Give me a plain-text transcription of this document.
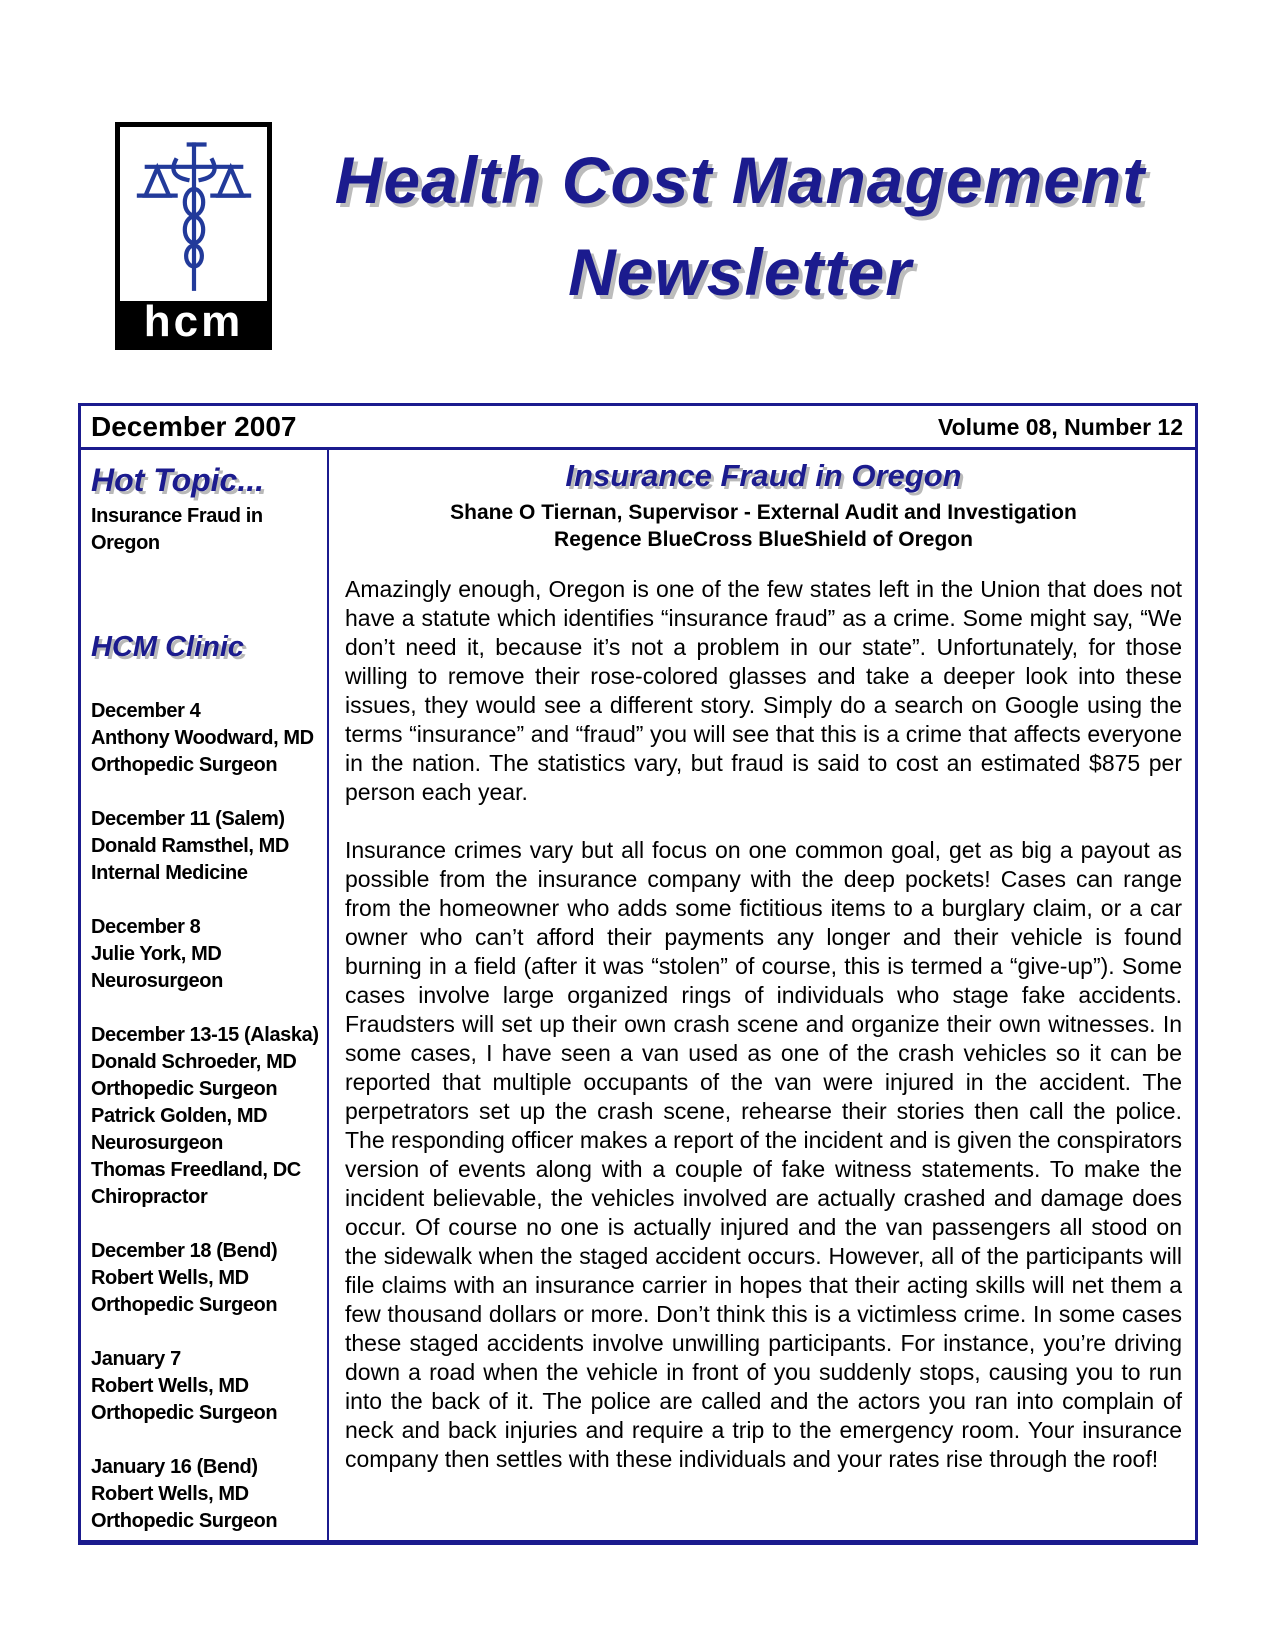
hcm
Health Cost Management
Newsletter
December 2007	Volume 08, Number 12
Hot Topic...
Insurance Fraud in Oregon
HCM Clinic
December 4
Anthony Woodward, MD
Orthopedic Surgeon
December 11 (Salem)
Donald Ramsthel, MD
Internal Medicine
December 8
Julie York, MD
Neurosurgeon
December 13-15 (Alaska)
Donald Schroeder, MD
Orthopedic Surgeon
Patrick Golden, MD
Neurosurgeon
Thomas Freedland, DC
Chiropractor
December 18 (Bend)
Robert Wells, MD
Orthopedic Surgeon
January 7
Robert Wells, MD
Orthopedic Surgeon
January 16 (Bend)
Robert Wells, MD
Orthopedic Surgeon
Insurance Fraud in Oregon
Shane O Tiernan, Supervisor - External Audit and Investigation
Regence BlueCross BlueShield of Oregon

Amazingly enough, Oregon is one of the few states left in the Union that does not have a statute which identifies “insurance fraud” as a crime. Some might say, “We don’t need it, because it’s not a problem in our state”. Unfortunately, for those willing to remove their rose-colored glasses and take a deeper look into these issues, they would see a different story. Simply do a search on Google using the terms “insurance” and “fraud” you will see that this is a crime that affects everyone in the nation. The statistics vary, but fraud is said to cost an estimated $875 per person each year.

Insurance crimes vary but all focus on one common goal, get as big a payout as possible from the insurance company with the deep pockets! Cases can range from the homeowner who adds some fictitious items to a burglary claim, or a car owner who can’t afford their payments any longer and their vehicle is found burning in a field (after it was “stolen” of course, this is termed a “give-up”). Some cases involve large organized rings of individuals who stage fake accidents. Fraudsters will set up their own crash scene and organize their own witnesses. In some cases, I have seen a van used as one of the crash vehicles so it can be reported that multiple occupants of the van were injured in the accident. The perpetrators set up the crash scene, rehearse their stories then call the police. The responding officer makes a report of the incident and is given the conspirators version of events along with a couple of fake witness statements. To make the incident believable, the vehicles involved are actually crashed and damage does occur. Of course no one is actually injured and the van passengers all stood on the sidewalk when the staged accident occurs. However, all of the participants will file claims with an insurance carrier in hopes that their acting skills will net them a few thousand dollars or more. Don’t think this is a victimless crime. In some cases these staged accidents involve unwilling participants. For instance, you’re driving down a road when the vehicle in front of you suddenly stops, causing you to run into the back of it. The police are called and the actors you ran into complain of neck and back injuries and require a trip to the emergency room. Your insurance company then settles with these individuals and your rates rise through the roof!
